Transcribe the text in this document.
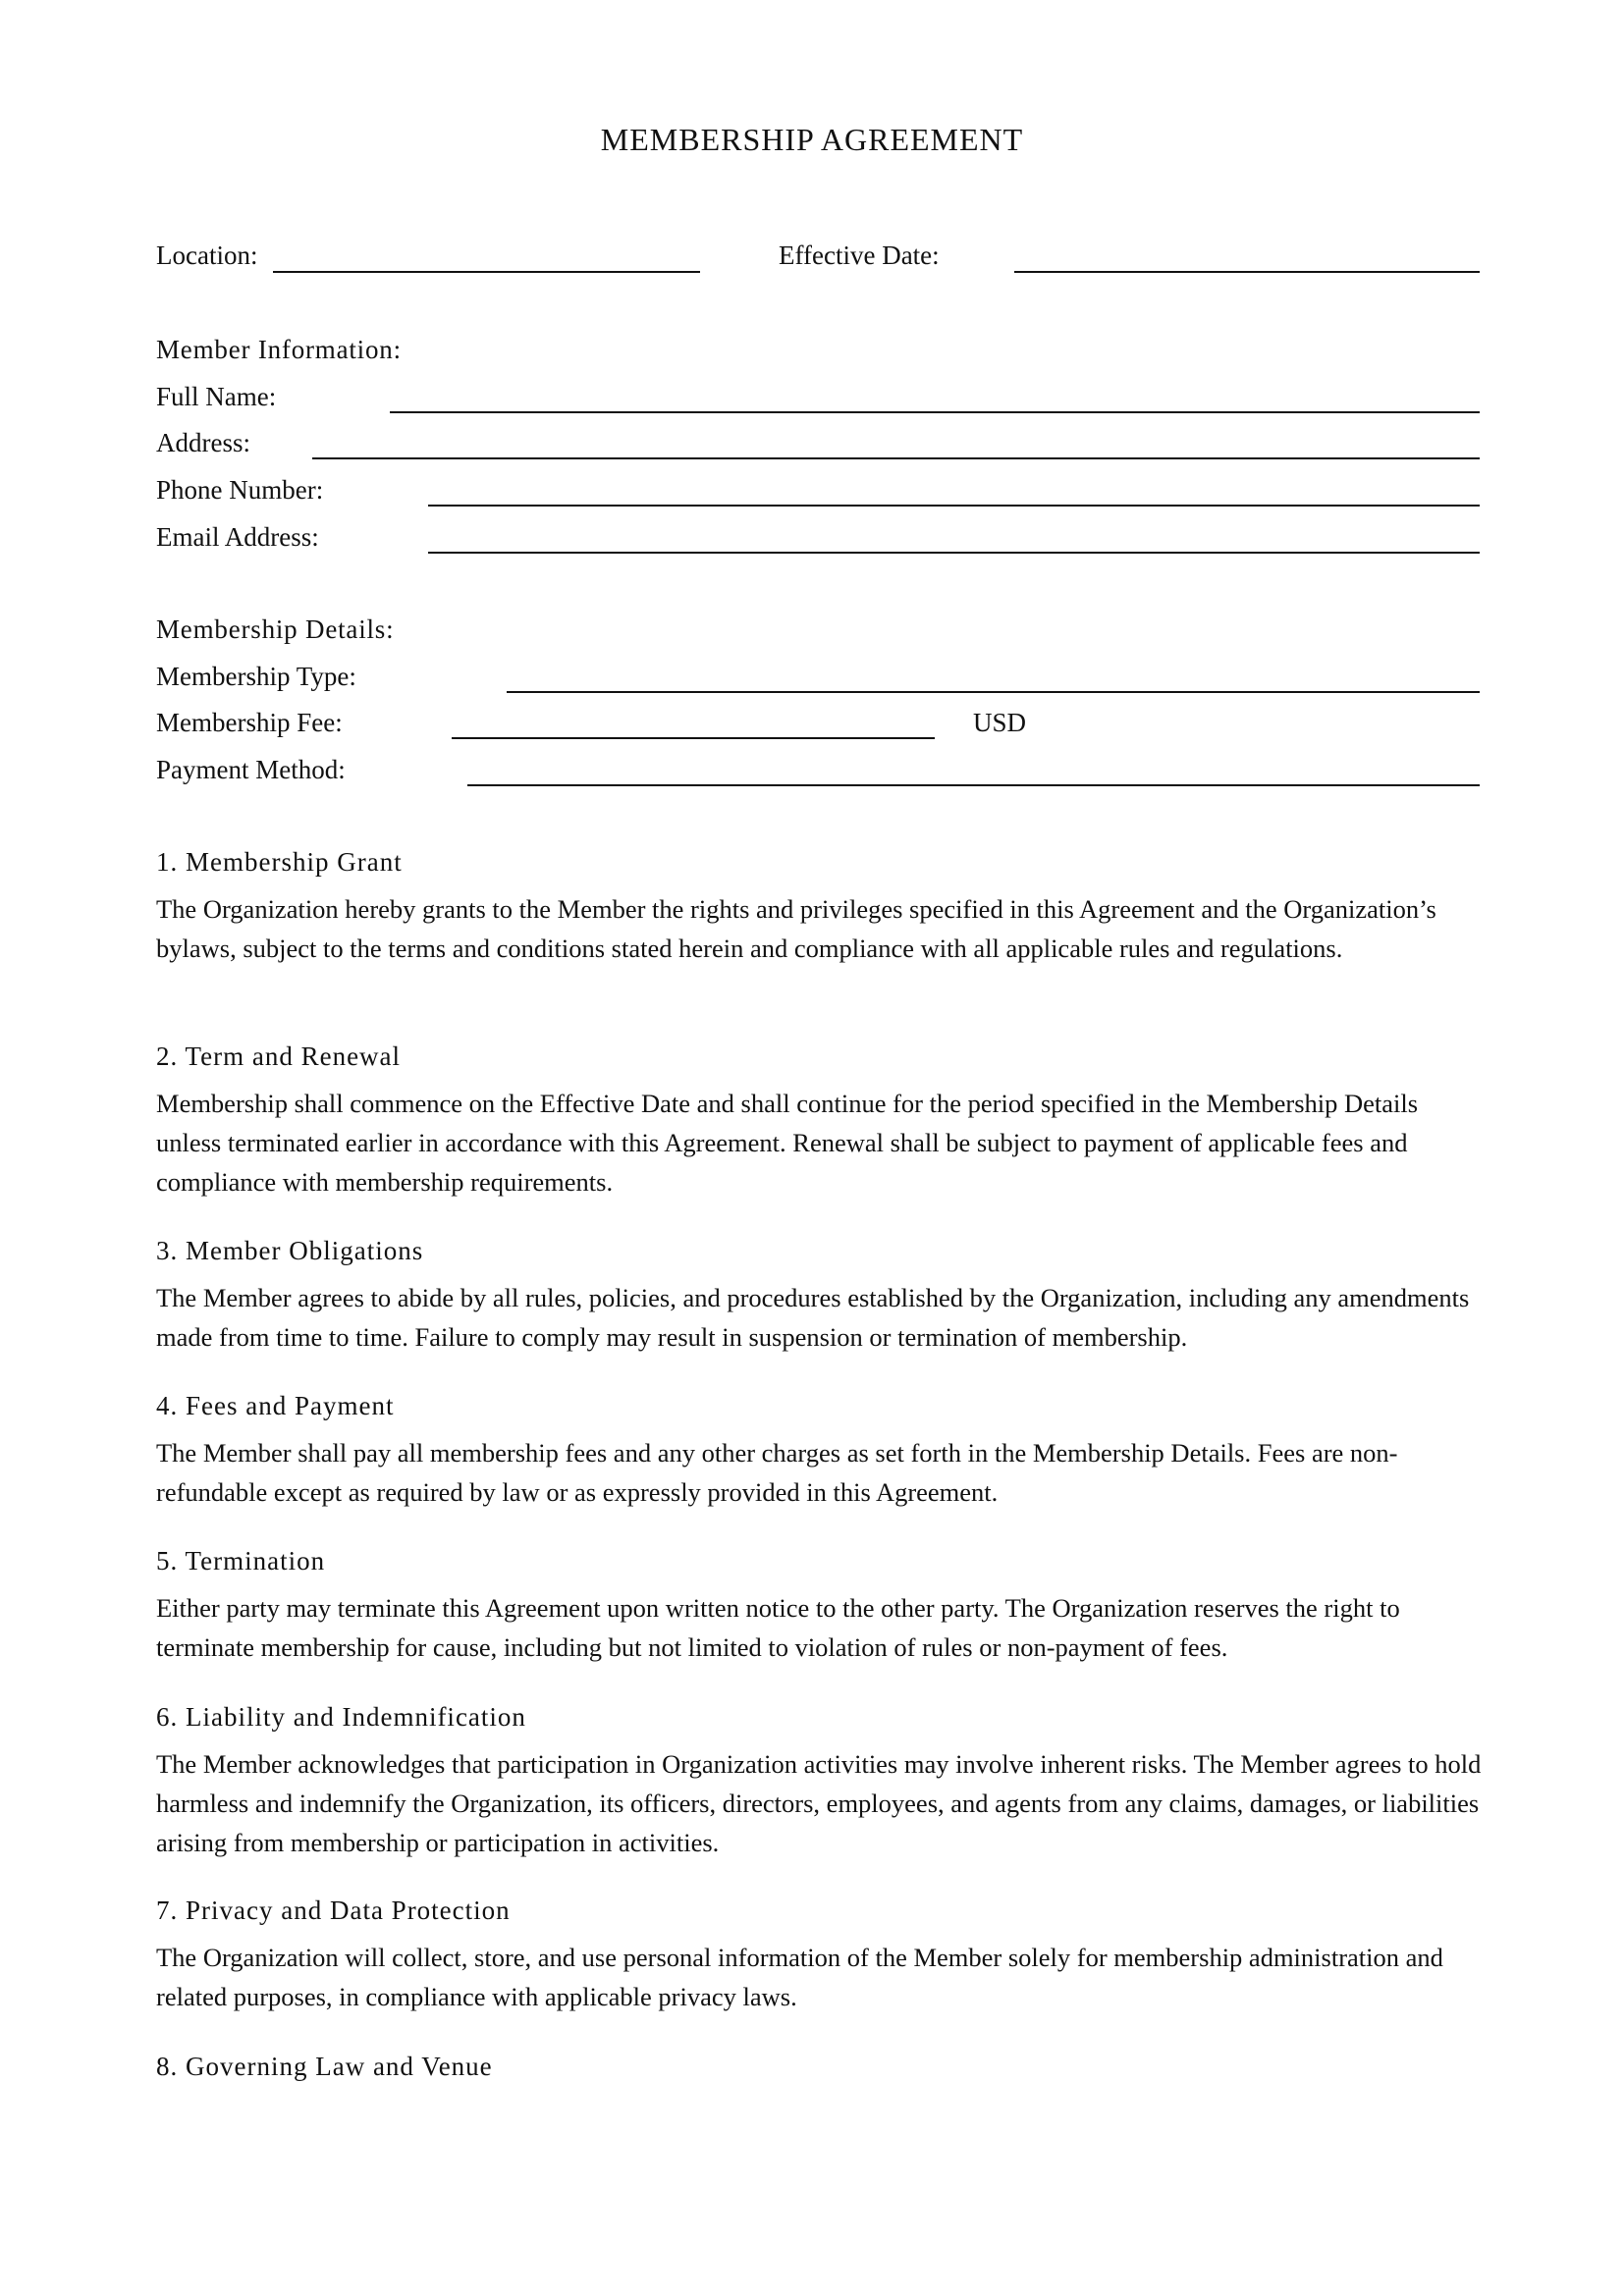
MEMBERSHIP AGREEMENT
Location:	Effective Date:
Member Information:
Full Name:
Address:
Phone Number:
Email Address:
Membership Details:
Membership Type:
Membership Fee:	USD
Payment Method:
1. Membership Grant
The Organization hereby grants to the Member the rights and privileges specified in this Agreement and the Organization’s bylaws, subject to the terms and conditions stated herein and compliance with all applicable rules and regulations.
2. Term and Renewal
Membership shall commence on the Effective Date and shall continue for the period specified in the Membership Details unless terminated earlier in accordance with this Agreement. Renewal shall be subject to payment of applicable fees and compliance with membership requirements.
3. Member Obligations
The Member agrees to abide by all rules, policies, and procedures established by the Organization, including any amendments made from time to time. Failure to comply may result in suspension or termination of membership.
4. Fees and Payment
The Member shall pay all membership fees and any other charges as set forth in the Membership Details. Fees are non-refundable except as required by law or as expressly provided in this Agreement.
5. Termination
Either party may terminate this Agreement upon written notice to the other party. The Organization reserves the right to terminate membership for cause, including but not limited to violation of rules or non-payment of fees.
6. Liability and Indemnification
The Member acknowledges that participation in Organization activities may involve inherent risks. The Member agrees to hold harmless and indemnify the Organization, its officers, directors, employees, and agents from any claims, damages, or liabilities arising from membership or participation in activities.
7. Privacy and Data Protection
The Organization will collect, store, and use personal information of the Member solely for membership administration and related purposes, in compliance with applicable privacy laws.
8. Governing Law and Venue
